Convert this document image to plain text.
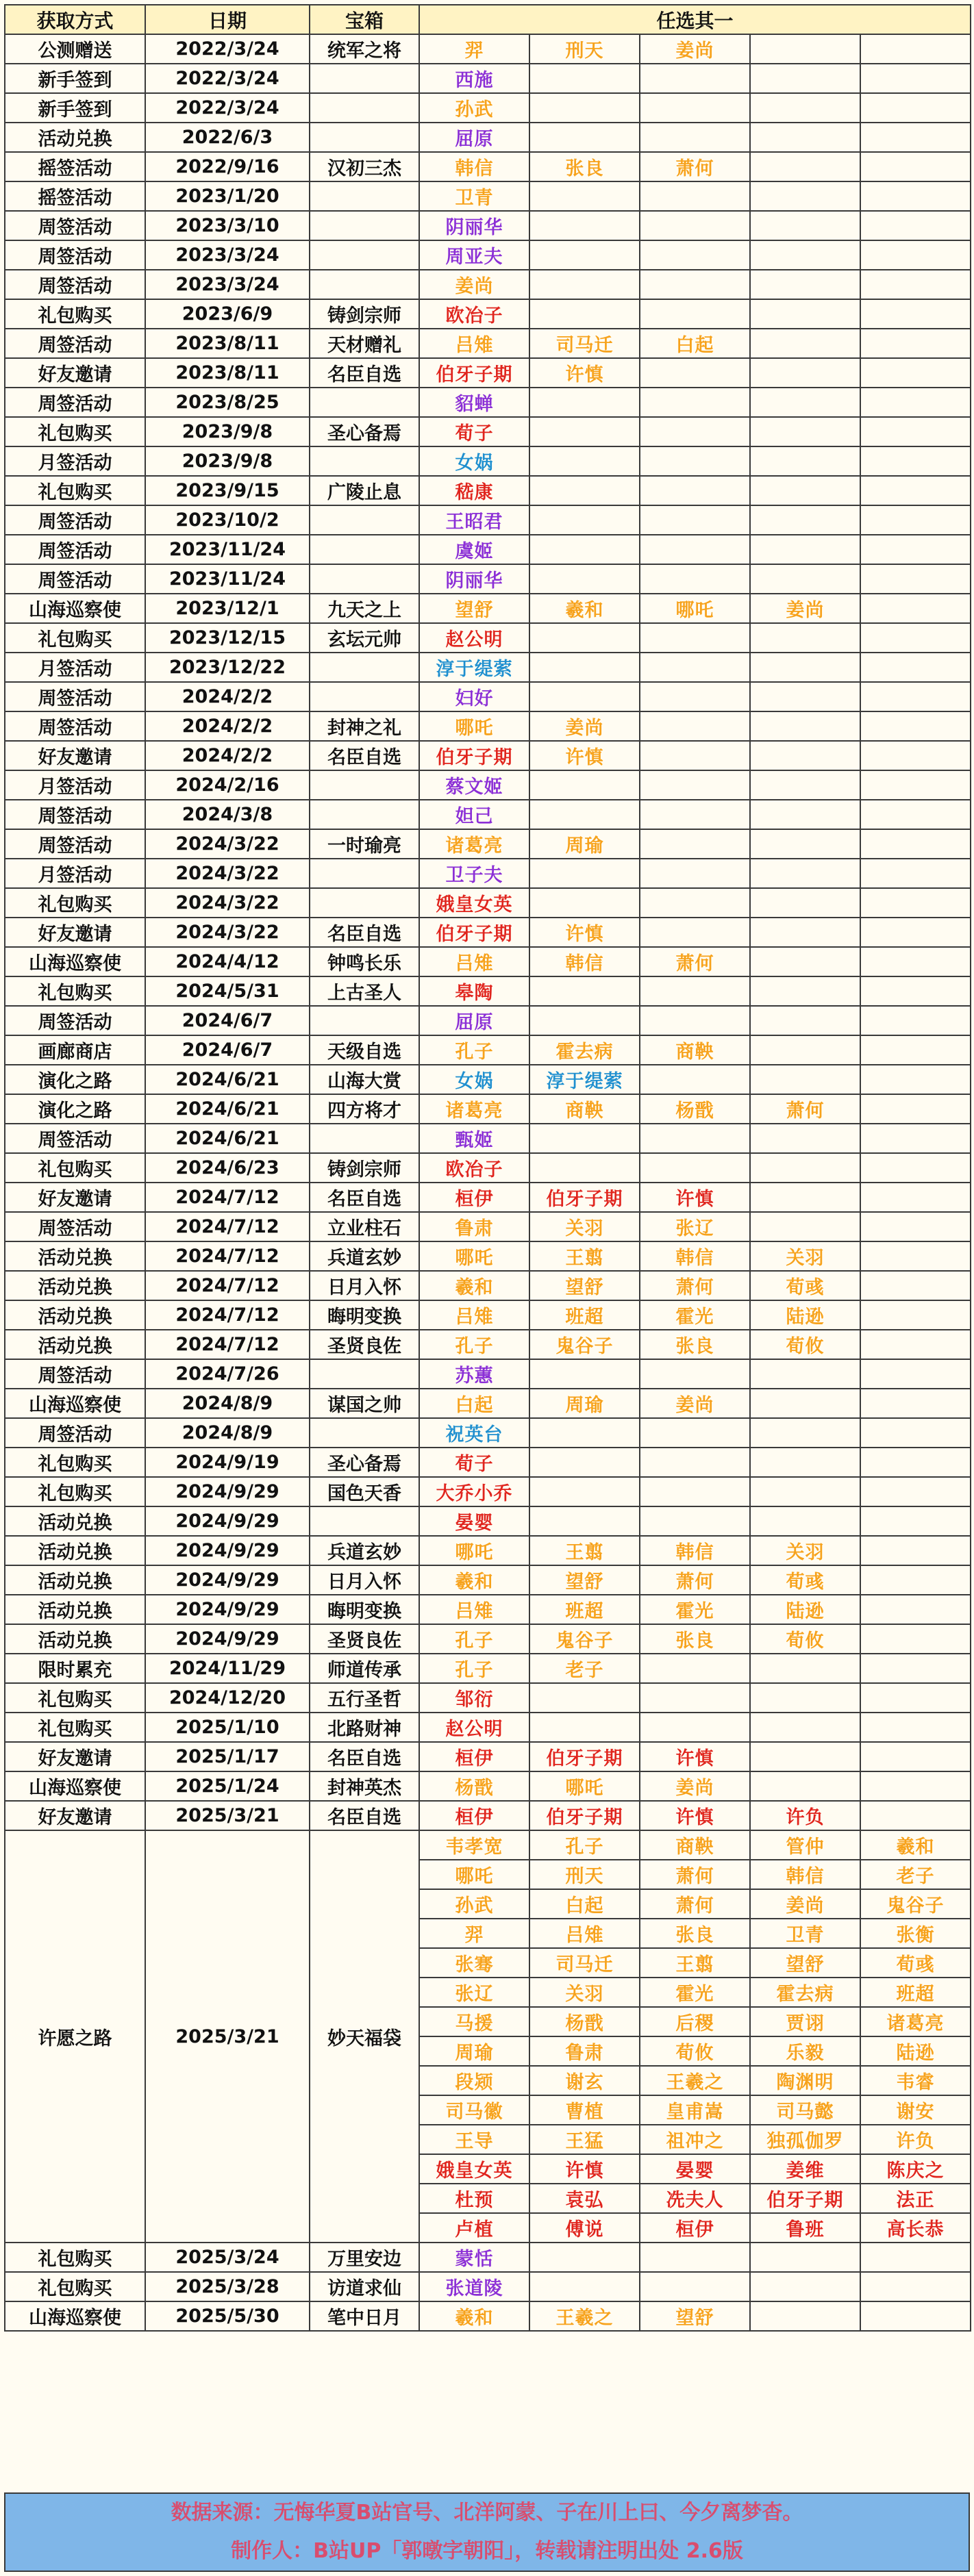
获取方式	日期	宝箱	任选其一				
公测赠送	2022/3/24	统军之将	羿	刑天	姜尚		
新手签到	2022/3/24		西施				
新手签到	2022/3/24		孙武				
活动兑换	2022/6/3		屈原				
摇签活动	2022/9/16	汉初三杰	韩信	张良	萧何		
摇签活动	2023/1/20		卫青				
周签活动	2023/3/10		阴丽华				
周签活动	2023/3/24		周亚夫				
周签活动	2023/3/24		姜尚				
礼包购买	2023/6/9	铸剑宗师	欧冶子				
周签活动	2023/8/11	天材赠礼	吕雉	司马迁	白起		
好友邀请	2023/8/11	名臣自选	伯牙子期	许慎			
周签活动	2023/8/25		貂蝉				
礼包购买	2023/9/8	圣心备焉	荀子				
月签活动	2023/9/8		女娲				
礼包购买	2023/9/15	广陵止息	嵇康				
周签活动	2023/10/2		王昭君				
周签活动	2023/11/24		虞姬				
周签活动	2023/11/24		阴丽华				
山海巡察使	2023/12/1	九天之上	望舒	羲和	哪吒	姜尚	
礼包购买	2023/12/15	玄坛元帅	赵公明				
月签活动	2023/12/22		淳于缇萦				
周签活动	2024/2/2		妇好				
周签活动	2024/2/2	封神之礼	哪吒	姜尚			
好友邀请	2024/2/2	名臣自选	伯牙子期	许慎			
月签活动	2024/2/16		蔡文姬				
周签活动	2024/3/8		妲己				
周签活动	2024/3/22	一时瑜亮	诸葛亮	周瑜			
月签活动	2024/3/22		卫子夫				
礼包购买	2024/3/22		娥皇女英				
好友邀请	2024/3/22	名臣自选	伯牙子期	许慎			
山海巡察使	2024/4/12	钟鸣长乐	吕雉	韩信	萧何		
礼包购买	2024/5/31	上古圣人	皋陶				
周签活动	2024/6/7		屈原				
画廊商店	2024/6/7	天级自选	孔子	霍去病	商鞅		
演化之路	2024/6/21	山海大赏	女娲	淳于缇萦			
演化之路	2024/6/21	四方将才	诸葛亮	商鞅	杨戬	萧何	
周签活动	2024/6/21		甄姬				
礼包购买	2024/6/23	铸剑宗师	欧冶子				
好友邀请	2024/7/12	名臣自选	桓伊	伯牙子期	许慎		
周签活动	2024/7/12	立业柱石	鲁肃	关羽	张辽		
活动兑换	2024/7/12	兵道玄妙	哪吒	王翦	韩信	关羽	
活动兑换	2024/7/12	日月入怀	羲和	望舒	萧何	荀彧	
活动兑换	2024/7/12	晦明变换	吕雉	班超	霍光	陆逊	
活动兑换	2024/7/12	圣贤良佐	孔子	鬼谷子	张良	荀攸	
周签活动	2024/7/26		苏蕙				
山海巡察使	2024/8/9	谋国之帅	白起	周瑜	姜尚		
周签活动	2024/8/9		祝英台				
礼包购买	2024/9/19	圣心备焉	荀子				
礼包购买	2024/9/29	国色天香	大乔小乔				
活动兑换	2024/9/29		晏婴				
活动兑换	2024/9/29	兵道玄妙	哪吒	王翦	韩信	关羽	
活动兑换	2024/9/29	日月入怀	羲和	望舒	萧何	荀彧	
活动兑换	2024/9/29	晦明变换	吕雉	班超	霍光	陆逊	
活动兑换	2024/9/29	圣贤良佐	孔子	鬼谷子	张良	荀攸	
限时累充	2024/11/29	师道传承	孔子	老子			
礼包购买	2024/12/20	五行圣哲	邹衍				
礼包购买	2025/1/10	北路财神	赵公明				
好友邀请	2025/1/17	名臣自选	桓伊	伯牙子期	许慎		
山海巡察使	2025/1/24	封神英杰	杨戬	哪吒	姜尚		
好友邀请	2025/3/21	名臣自选	桓伊	伯牙子期	许慎	许负	
许愿之路	2025/3/21	妙天福袋	韦孝宽	孔子	商鞅	管仲	羲和
			哪吒	刑天	萧何	韩信	老子
			孙武	白起	萧何	姜尚	鬼谷子
			羿	吕雉	张良	卫青	张衡
			张骞	司马迁	王翦	望舒	荀彧
			张辽	关羽	霍光	霍去病	班超
			马援	杨戬	后稷	贾诩	诸葛亮
			周瑜	鲁肃	荀攸	乐毅	陆逊
			段颎	谢玄	王羲之	陶渊明	韦睿
			司马徽	曹植	皇甫嵩	司马懿	谢安
			王导	王猛	祖冲之	独孤伽罗	许负
			娥皇女英	许慎	晏婴	姜维	陈庆之
			杜预	袁弘	冼夫人	伯牙子期	法正
			卢植	傅说	桓伊	鲁班	高长恭
礼包购买	2025/3/24	万里安边	蒙恬				
礼包购买	2025/3/28	访道求仙	张道陵				
山海巡察使	2025/5/30	笔中日月	羲和	王羲之	望舒		
数据来源：无悔华夏B站官号、北洋阿蒙、子在川上曰、今夕离梦杳。
制作人：B站UP「郭暾字朝阳」，转载请注明出处 2.6版
